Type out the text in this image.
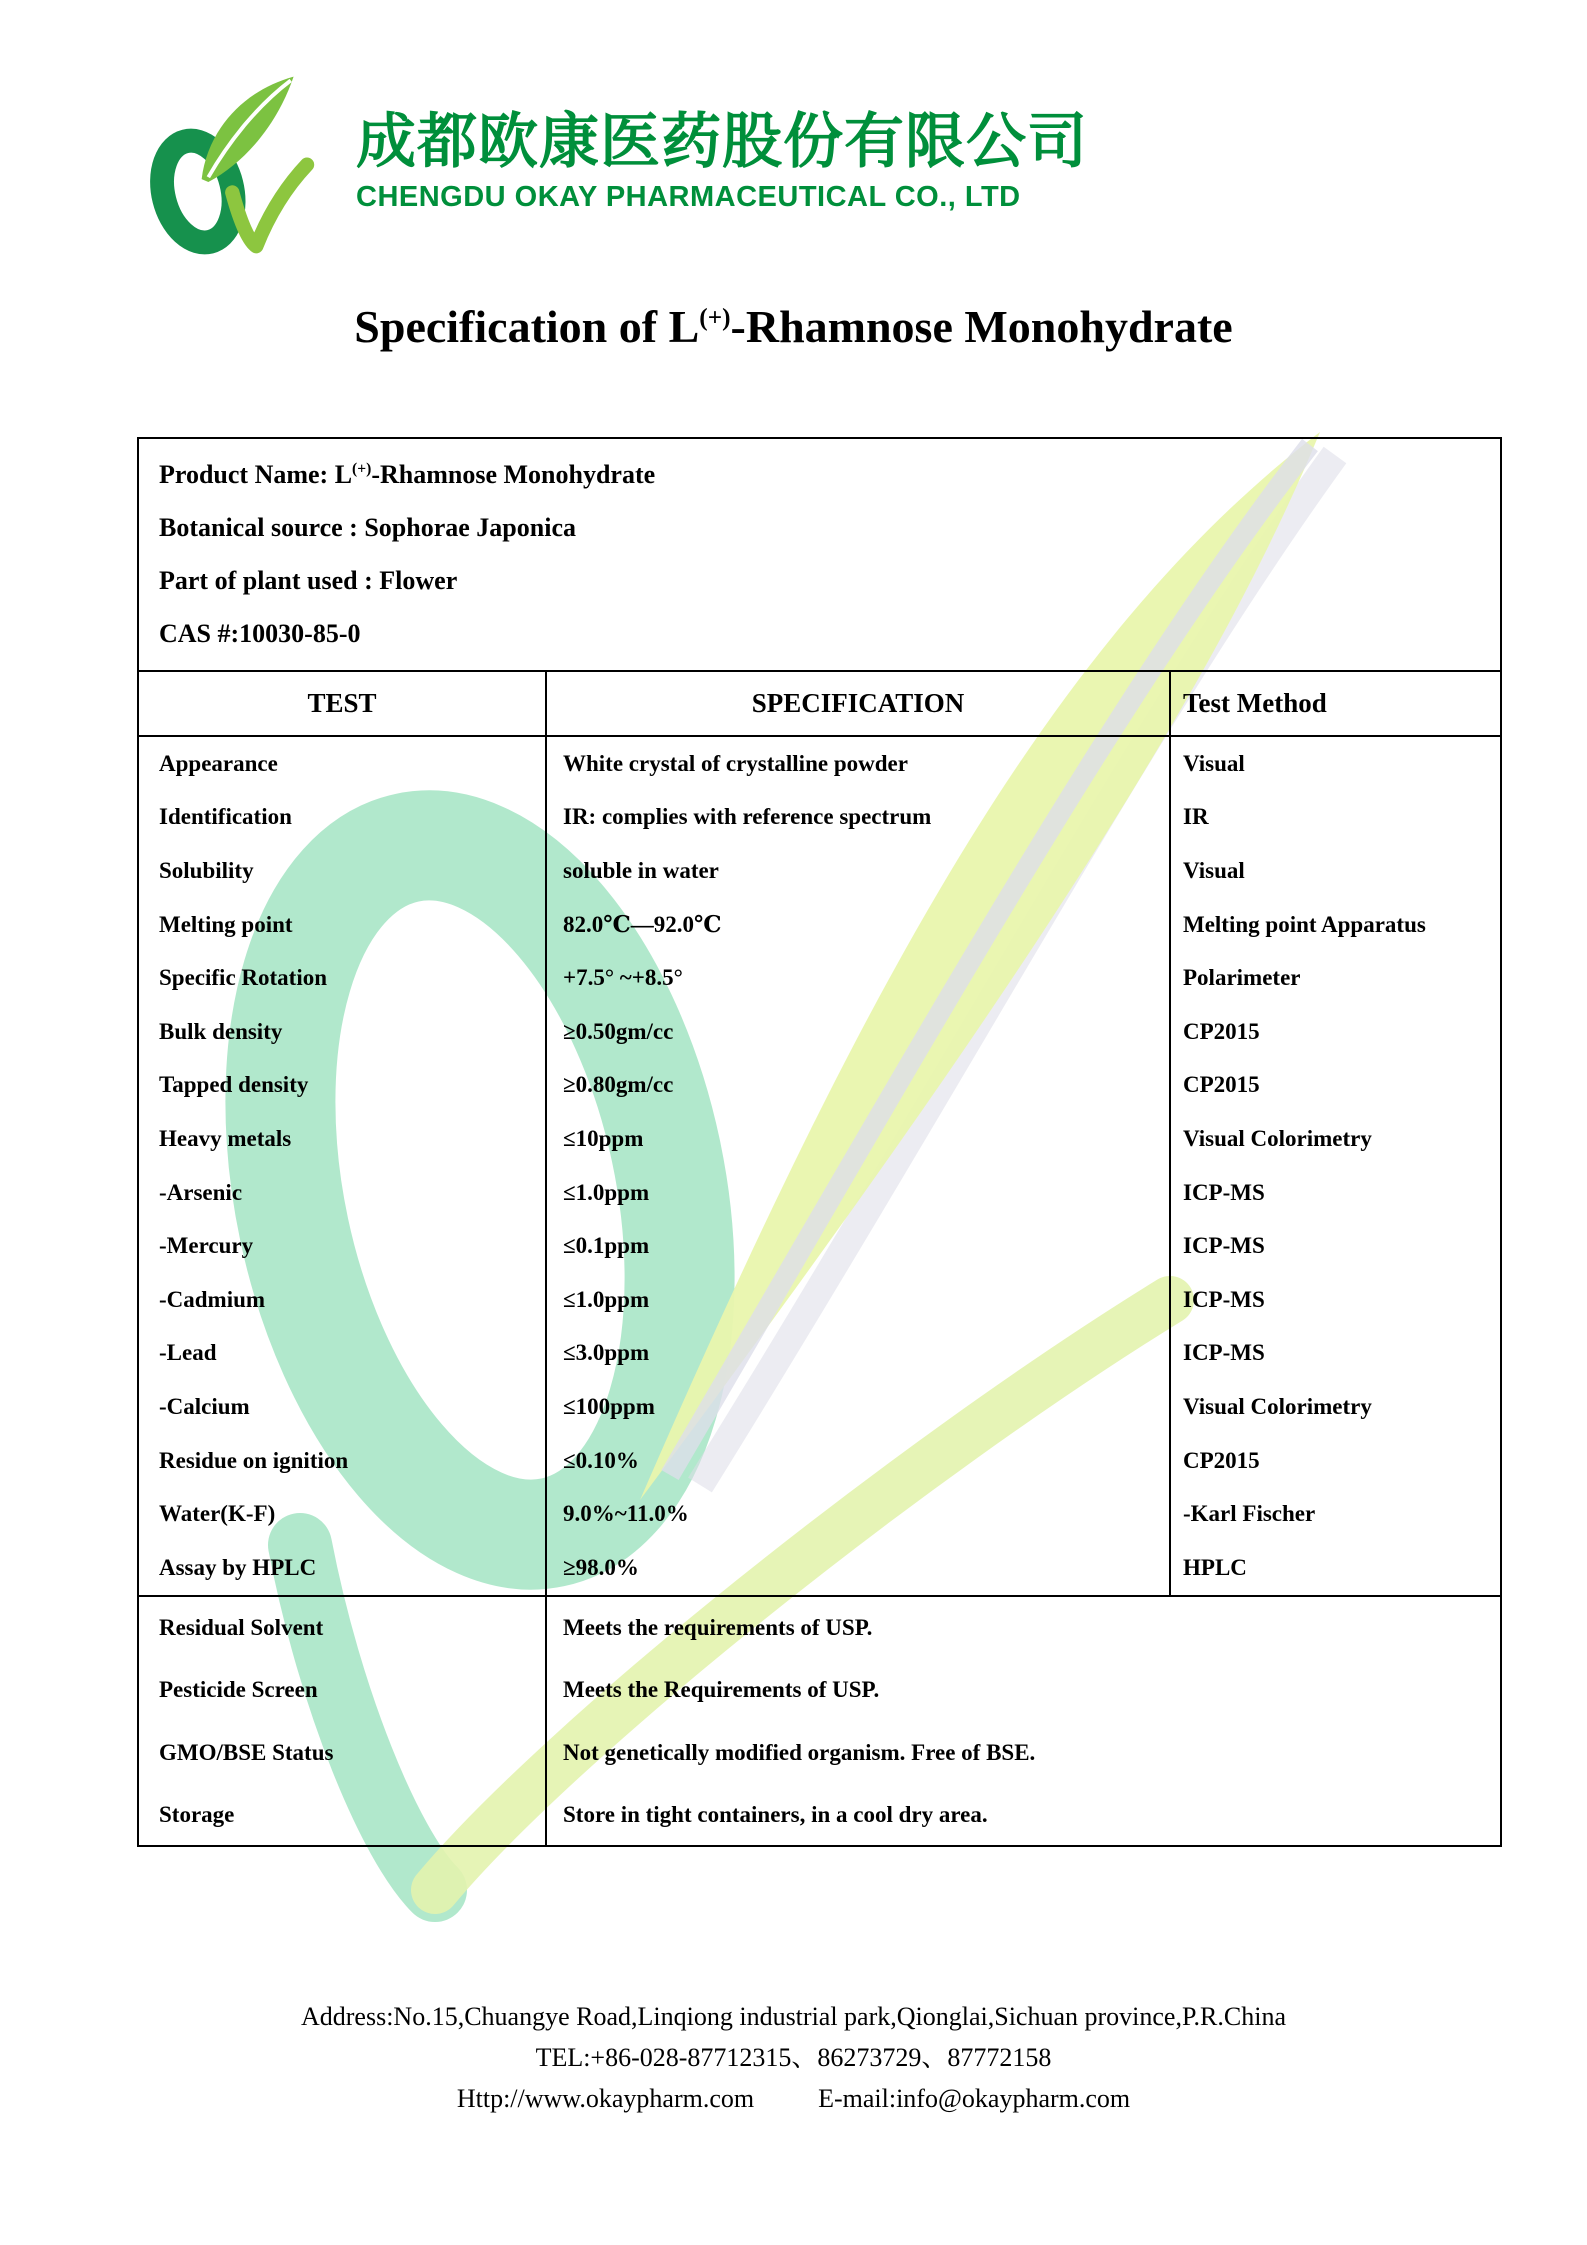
成都欧康医药股份有限公司
CHENGDU OKAY PHARMACEUTICAL CO., LTD
Specification of L(+)-Rhamnose Monohydrate

Product Name: L(+)-Rhamnose Monohydrate

Botanical source : Sophorae Japonica

Part of plant used : Flower

CAS #:10030-85-0

TEST	SPECIFICATION	Test Method
Appearance
Identification
Solubility
Melting point
Specific Rotation
Bulk density
Tapped density
Heavy metals
-Arsenic
-Mercury
-Cadmium
-Lead
-Calcium
Residue on ignition
Water(K-F)
Assay by HPLC
White crystal of crystalline powder
IR: complies with reference spectrum
soluble in water
82.0℃—92.0℃
+7.5° ~+8.5°
≥0.50gm/cc
≥0.80gm/cc
≤10ppm
≤1.0ppm
≤0.1ppm
≤1.0ppm
≤3.0ppm
≤100ppm
≤0.10%
9.0%~11.0%
≥98.0%
Visual
IR
Visual
Melting point Apparatus
Polarimeter
CP2015
CP2015
Visual Colorimetry
ICP-MS
ICP-MS
ICP-MS
ICP-MS
Visual Colorimetry
CP2015
-Karl Fischer
HPLC
Residual Solvent
Pesticide Screen
GMO/BSE Status
Storage
Meets the requirements of USP.
Meets the Requirements of USP.
Not genetically modified organism. Free of BSE.
Store in tight containers, in a cool dry area.

Address:No.15,Chuangye Road,Linqiong industrial park,Qionglai,Sichuan province,P.R.China

TEL:+86-028-87712315、86273729、87772158

Http://www.okaypharm.com E-mail:info@okaypharm.com
